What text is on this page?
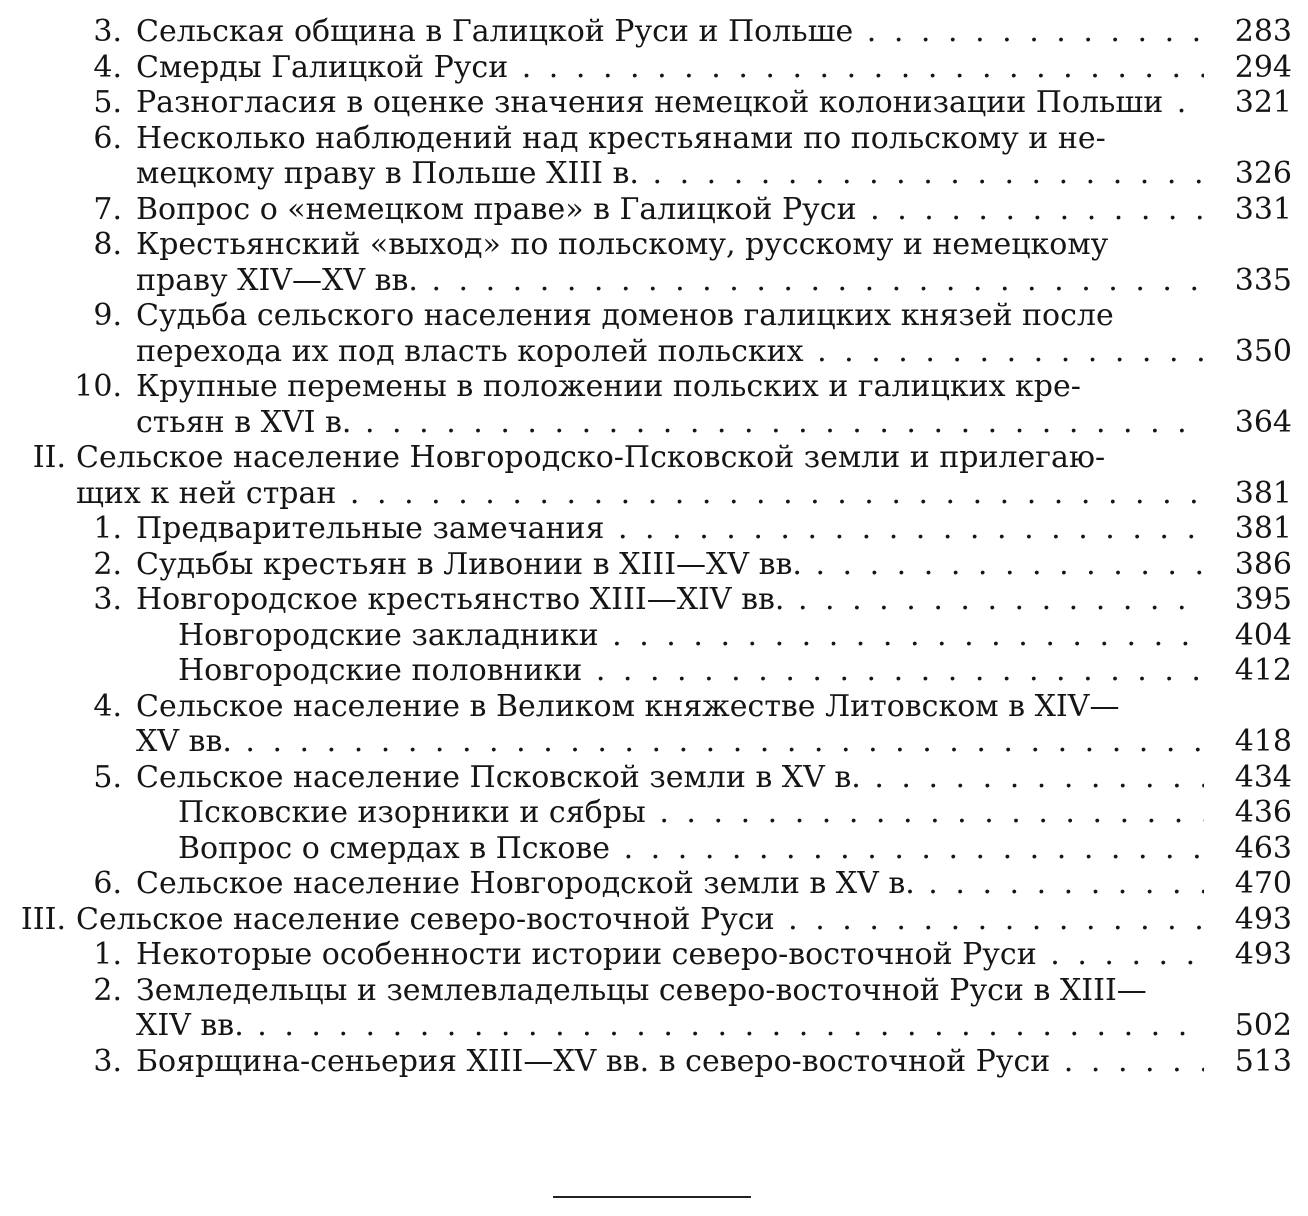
3. Сельская община в Галицкой Руси и Польше . . .	283
4. Смерды Галицкой Руси . . .	294
5. Разногласия в оценке значения немецкой колонизации Польши . . .	321
6. Несколько наблюдений над крестьянами по польскому и не-
мецкому праву в Польше XIII в. . . .	326
7. Вопрос о «немецком праве» в Галицкой Руси . . .	331
8. Крестьянский «выход» по польскому, русскому и немецкому
праву XIV—XV вв. . . .	335
9. Судьба сельского населения доменов галицких князей после
перехода их под власть королей польских . . .	350
10. Крупные перемены в положении польских и галицких кре-
стьян в XVI в. . . .	364
II. Сельское население Новгородско-Псковской земли и прилегаю-
щих к ней стран . . .	381
1. Предварительные замечания . . .	381
2. Судьбы крестьян в Ливонии в XIII—XV вв. . . .	386
3. Новгородское крестьянство XIII—XIV вв. . . .	395
Новгородские закладники . . .	404
Новгородские половники . . .	412
4. Сельское население в Великом княжестве Литовском в XIV—
XV вв. . . .	418
5. Сельское население Псковской земли в XV в. . . .	434
Псковские изорники и сябры . . .	436
Вопрос о смердах в Пскове . . .	463
6. Сельское население Новгородской земли в XV в. . . .	470
III. Сельское население северо-восточной Руси . . .	493
1. Некоторые особенности истории северо-восточной Руси . . .	493
2. Земледельцы и землевладельцы северо-восточной Руси в XIII—
XIV вв. . . .	502
3. Боярщина-сеньерия XIII—XV вв. в северо-восточной Руси . . .	513
